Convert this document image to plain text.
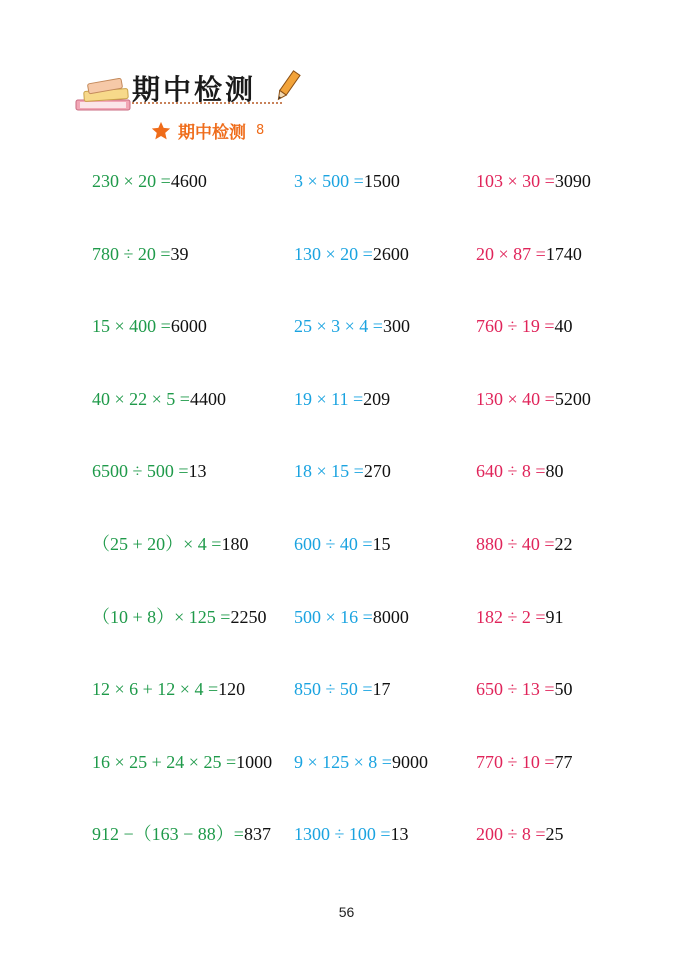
期中检测
期中检测 8
230 × 20 =4600
780 ÷ 20 =39
15 × 400 =6000
40 × 22 × 5 =4400
6500 ÷ 500 =13
（25 + 20）× 4 =180
（10 + 8）× 125 =2250
12 × 6 + 12 × 4 =120
16 × 25 + 24 × 25 =1000
912 −（163 − 88）=837
3 × 500 =1500
130 × 20 =2600
25 × 3 × 4 =300
19 × 11 =209
18 × 15 =270
600 ÷ 40 =15
500 × 16 =8000
850 ÷ 50 =17
9 × 125 × 8 =9000
1300 ÷ 100 =13
103 × 30 =3090
20 × 87 =1740
760 ÷ 19 =40
130 × 40 =5200
640 ÷ 8 =80
880 ÷ 40 =22
182 ÷ 2 =91
650 ÷ 13 =50
770 ÷ 10 =77
200 ÷ 8 =25
56
